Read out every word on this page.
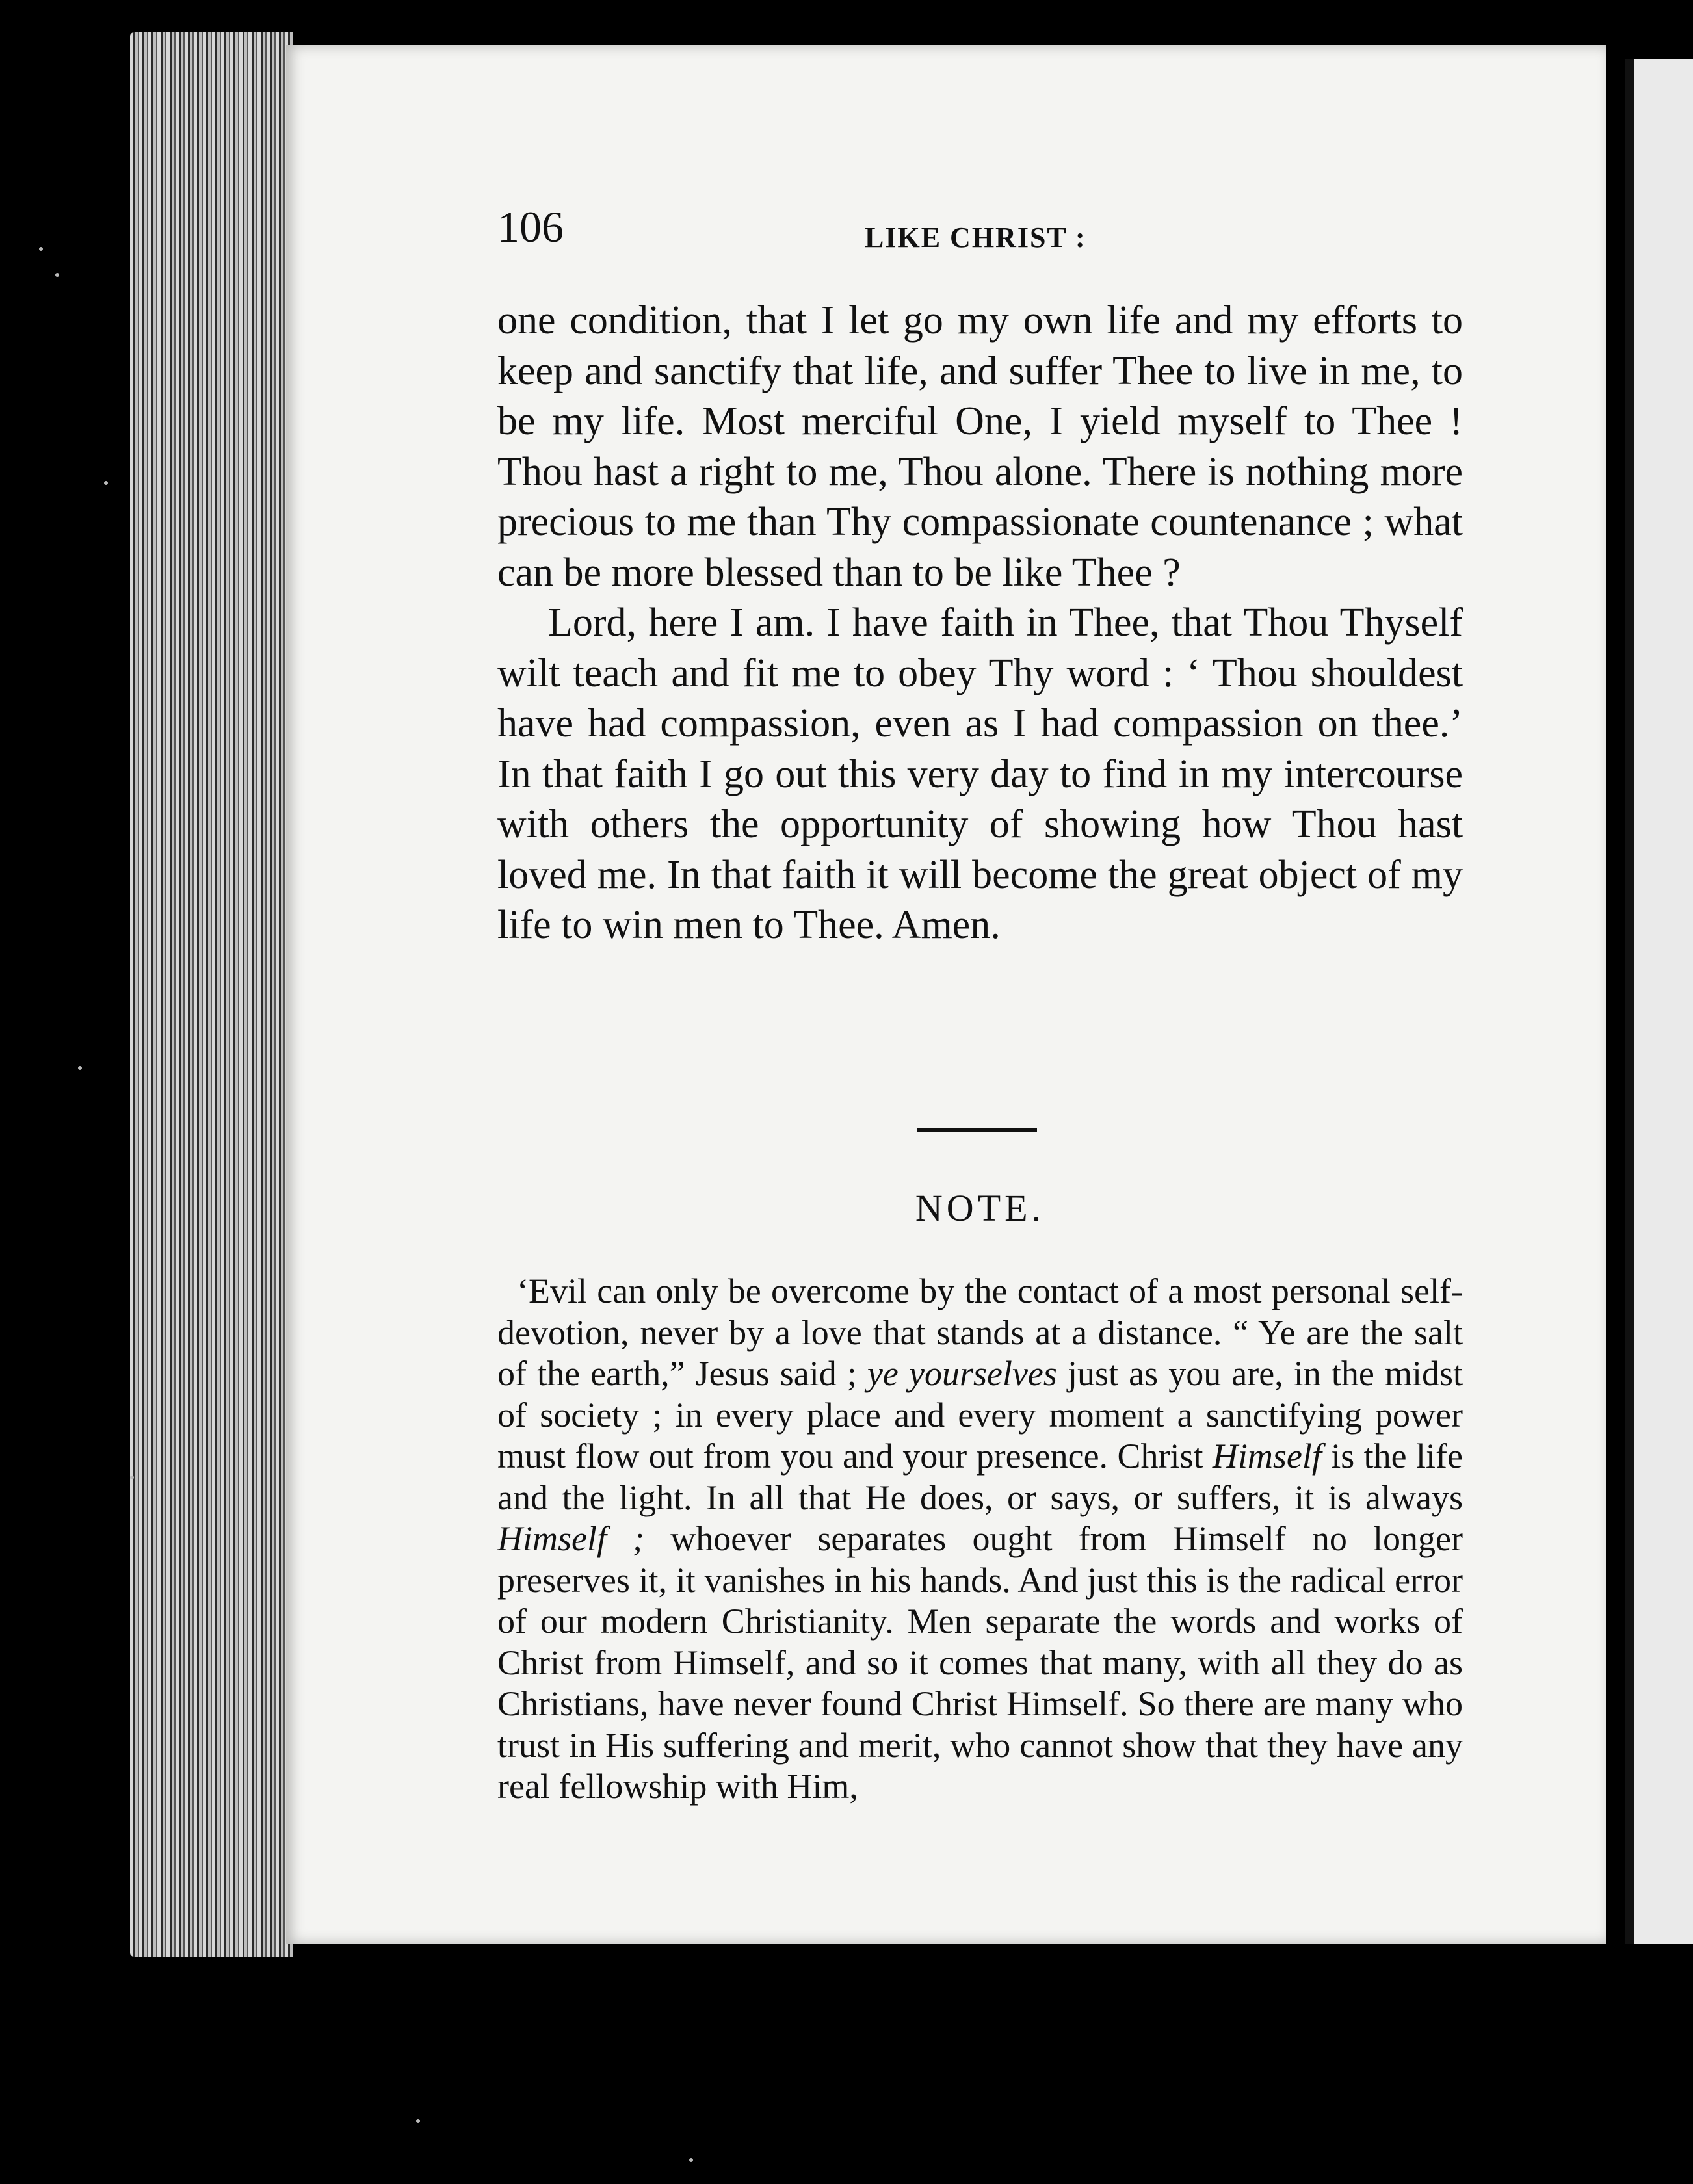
106	LIKE CHRIST :

one condition, that I let go my own life and my efforts to keep and sanctify that life, and suffer Thee to live in me, to be my life. Most merciful One, I yield myself to Thee ! Thou hast a right to me, Thou alone. There is nothing more precious to me than Thy compassionate countenance ; what can be more blessed than to be like Thee ?

Lord, here I am. I have faith in Thee, that Thou Thyself wilt teach and fit me to obey Thy word : ‘ Thou shouldest have had compassion, even as I had compassion on thee.’ In that faith I go out this very day to find in my intercourse with others the opportunity of showing how Thou hast loved me. In that faith it will become the great object of my life to win men to Thee. Amen.

NOTE.

‘Evil can only be overcome by the contact of a most personal self-devotion, never by a love that stands at a distance. “ Ye are the salt of the earth,” Jesus said ; ye yourselves just as you are, in the midst of society ; in every place and every moment a sanctifying power must flow out from you and your presence. Christ Himself is the life and the light. In all that He does, or says, or suffers, it is always Himself ; whoever separates ought from Himself no longer preserves it, it vanishes in his hands. And just this is the radical error of our modern Christianity. Men separate the words and works of Christ from Himself, and so it comes that many, with all they do as Christians, have never found Christ Himself. So there are many who trust in His suffering and merit, who cannot show that they have any real fellowship with Him,
